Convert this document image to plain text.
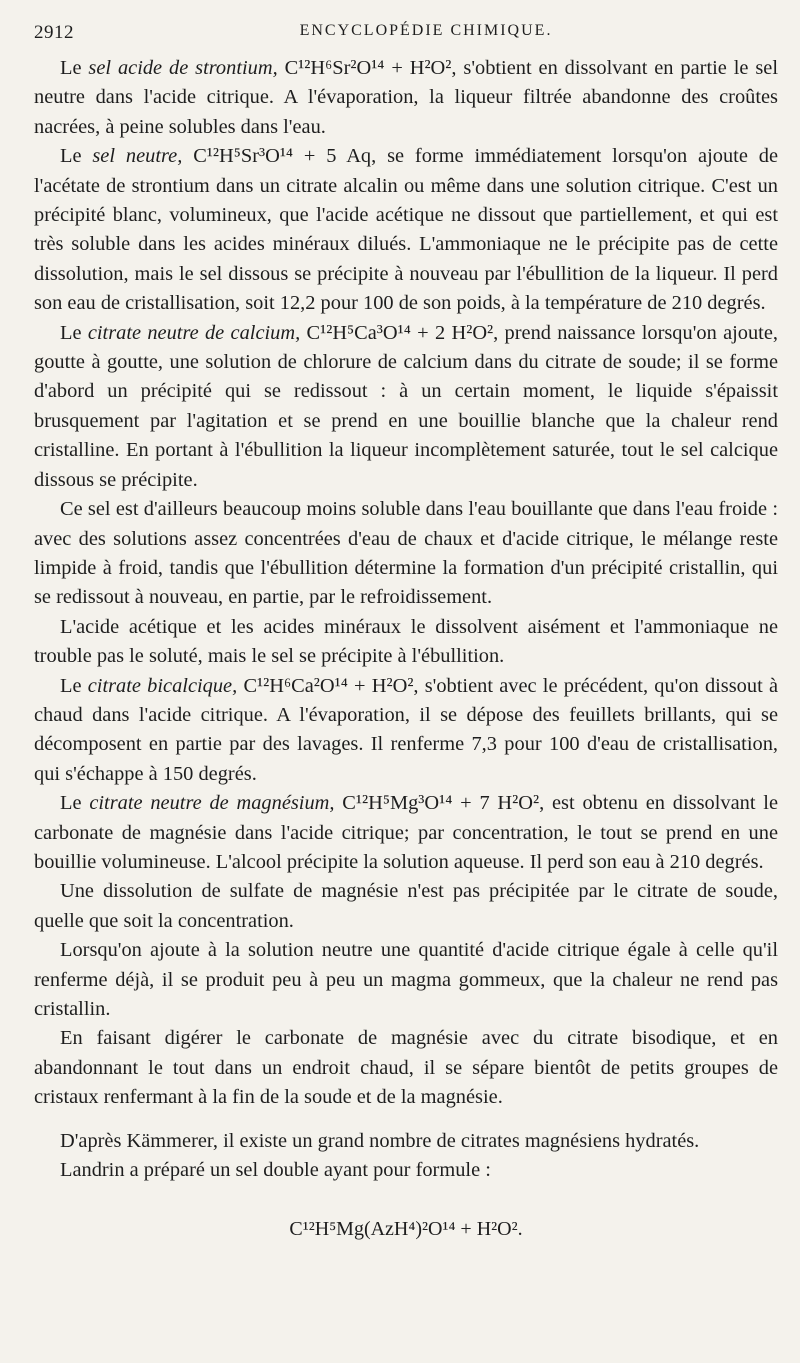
2912	ENCYCLOPÉDIE CHIMIQUE.

Le sel acide de strontium, C¹²H⁶Sr²O¹⁴ + H²O², s'obtient en dissolvant en partie le sel neutre dans l'acide citrique. A l'évaporation, la liqueur filtrée abandonne des croûtes nacrées, à peine solubles dans l'eau.

Le sel neutre, C¹²H⁵Sr³O¹⁴ + 5 Aq, se forme immédiatement lorsqu'on ajoute de l'acétate de strontium dans un citrate alcalin ou même dans une solution citrique. C'est un précipité blanc, volumineux, que l'acide acétique ne dissout que partiellement, et qui est très soluble dans les acides minéraux dilués. L'ammoniaque ne le précipite pas de cette dissolution, mais le sel dissous se précipite à nouveau par l'ébullition de la liqueur. Il perd son eau de cristallisation, soit 12,2 pour 100 de son poids, à la température de 210 degrés.

Le citrate neutre de calcium, C¹²H⁵Ca³O¹⁴ + 2 H²O², prend naissance lorsqu'on ajoute, goutte à goutte, une solution de chlorure de calcium dans du citrate de soude; il se forme d'abord un précipité qui se redissout : à un certain moment, le liquide s'épaissit brusquement par l'agitation et se prend en une bouillie blanche que la chaleur rend cristalline. En portant à l'ébullition la liqueur incomplètement saturée, tout le sel calcique dissous se précipite.

Ce sel est d'ailleurs beaucoup moins soluble dans l'eau bouillante que dans l'eau froide : avec des solutions assez concentrées d'eau de chaux et d'acide citrique, le mélange reste limpide à froid, tandis que l'ébullition détermine la formation d'un précipité cristallin, qui se redissout à nouveau, en partie, par le refroidissement.

L'acide acétique et les acides minéraux le dissolvent aisément et l'ammoniaque ne trouble pas le soluté, mais le sel se précipite à l'ébullition.

Le citrate bicalcique, C¹²H⁶Ca²O¹⁴ + H²O², s'obtient avec le précédent, qu'on dissout à chaud dans l'acide citrique. A l'évaporation, il se dépose des feuillets brillants, qui se décomposent en partie par des lavages. Il renferme 7,3 pour 100 d'eau de cristallisation, qui s'échappe à 150 degrés.

Le citrate neutre de magnésium, C¹²H⁵Mg³O¹⁴ + 7 H²O², est obtenu en dissolvant le carbonate de magnésie dans l'acide citrique; par concentration, le tout se prend en une bouillie volumineuse. L'alcool précipite la solution aqueuse. Il perd son eau à 210 degrés.

Une dissolution de sulfate de magnésie n'est pas précipitée par le citrate de soude, quelle que soit la concentration.

Lorsqu'on ajoute à la solution neutre une quantité d'acide citrique égale à celle qu'il renferme déjà, il se produit peu à peu un magma gommeux, que la chaleur ne rend pas cristallin.

En faisant digérer le carbonate de magnésie avec du citrate bisodique, et en abandonnant le tout dans un endroit chaud, il se sépare bientôt de petits groupes de cristaux renfermant à la fin de la soude et de la magnésie.

D'après Kämmerer, il existe un grand nombre de citrates magnésiens hydratés.

Landrin a préparé un sel double ayant pour formule :

C¹²H⁵Mg(AzH⁴)²O¹⁴ + H²O².
